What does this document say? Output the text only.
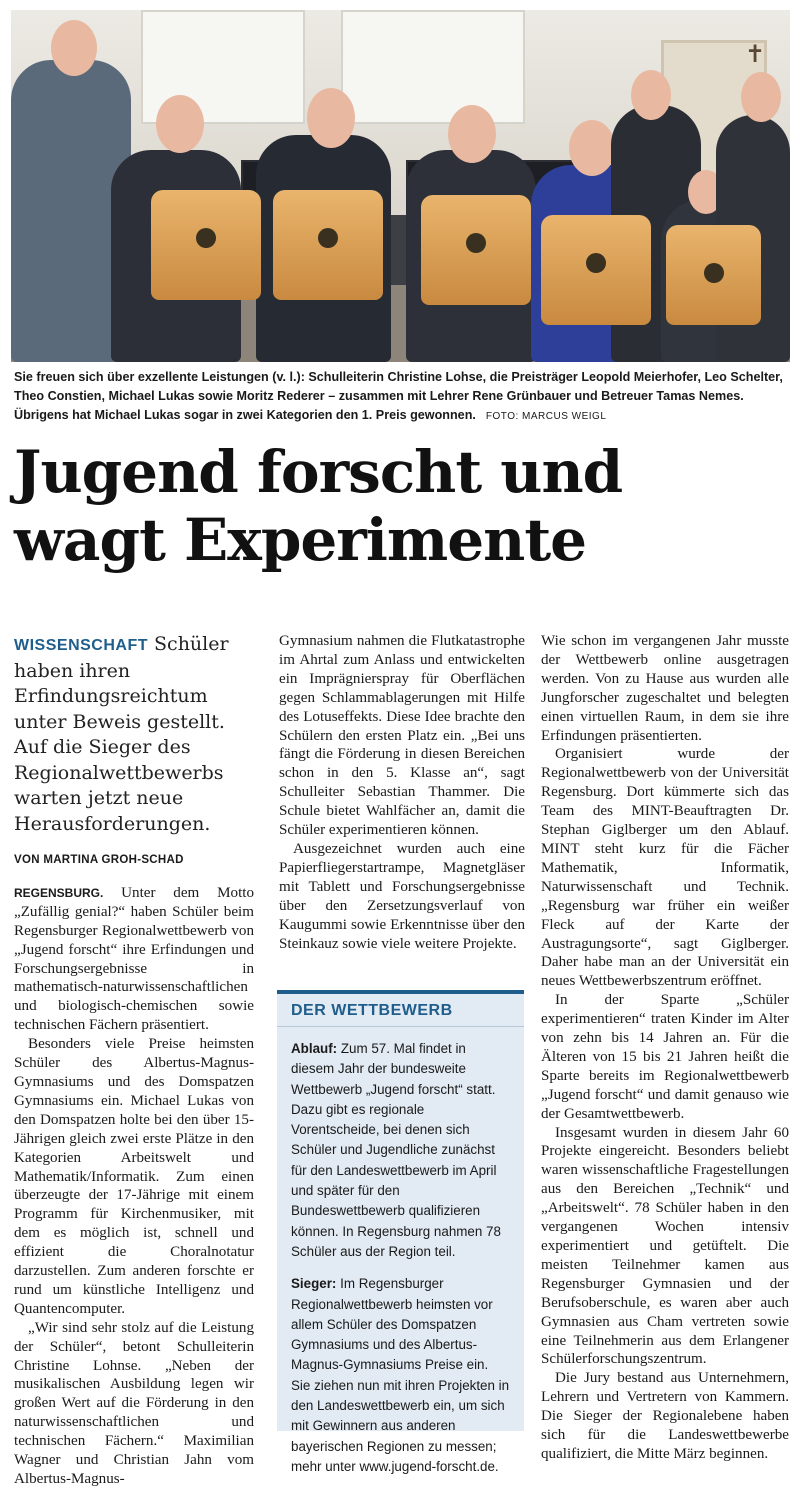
✝
Sie freuen sich über exzellente Leistungen (v. l.): Schulleiterin Christine Lohse, die Preisträger Leopold Meierhofer, Leo Schelter, Theo Constien, Michael Lukas sowie Moritz Rederer – zusammen mit Lehrer Rene Grünbauer und Betreuer Tamas Nemes. Übrigens hat Michael Lukas sogar in zwei Kategorien den 1. Preis gewonnen. FOTO: MARCUS WEIGL
Jugend forscht und
wagt Experimente
WISSENSCHAFT Schüler haben ihren Erfindungsreichtum unter Beweis gestellt. Auf die Sieger des Regionalwettbewerbs warten jetzt neue Herausforderungen.
VON MARTINA GROH-SCHAD

REGENSBURG. Unter dem Motto „Zufällig genial?“ haben Schüler beim Regensburger Regionalwettbewerb von „Jugend forscht“ ihre Erfindungen und Forschungsergebnisse in mathematisch-naturwissenschaftlichen und biologisch-chemischen sowie technischen Fächern präsentiert.

Besonders viele Preise heimsten Schüler des Albertus-Magnus-Gymnasiums und des Domspatzen Gymnasiums ein. Michael Lukas von den Domspatzen holte bei den über 15-Jährigen gleich zwei erste Plätze in den Kategorien Arbeitswelt und Mathematik/Informatik. Zum einen überzeugte der 17-Jährige mit einem Programm für Kirchenmusiker, mit dem es möglich ist, schnell und effizient die Choralnotatur darzustellen. Zum anderen forschte er rund um künstliche Intelligenz und Quantencomputer.

„Wir sind sehr stolz auf die Leistung der Schüler“, betont Schulleiterin Christine Lohnse. „Neben der musikalischen Ausbildung legen wir großen Wert auf die Förderung in den naturwissenschaftlichen und technischen Fächern.“ Maximilian Wagner und Christian Jahn vom Albertus-Magnus-

Gymnasium nahmen die Flutkatastrophe im Ahrtal zum Anlass und entwickelten ein Imprägnierspray für Oberflächen gegen Schlammablagerungen mit Hilfe des Lotuseffekts. Diese Idee brachte den Schülern den ersten Platz ein. „Bei uns fängt die Förderung in diesen Bereichen schon in den 5. Klasse an“, sagt Schulleiter Sebastian Thammer. Die Schule bietet Wahlfächer an, damit die Schüler experimentieren können.

Ausgezeichnet wurden auch eine Papierfliegerstartrampe, Magnetgläser mit Tablett und Forschungsergebnisse über den Zersetzungsverlauf von Kaugummi sowie Erkenntnisse über den Steinkauz sowie viele weitere Projekte.

DER WETTBEWERB

Ablauf: Zum 57. Mal findet in diesem Jahr der bundesweite Wettbewerb „Jugend forscht“ statt. Dazu gibt es regionale Vorentscheide, bei denen sich Schüler und Jugendliche zunächst für den Landeswettbewerb im April und später für den Bundeswettbewerb qualifizieren können. In Regensburg nahmen 78 Schüler aus der Region teil.

Sieger: Im Regensburger Regionalwettbewerb heimsten vor allem Schüler des Domspatzen Gymnasiums und des Albertus-Magnus-Gymnasiums Preise ein. Sie ziehen nun mit ihren Projekten in den Landeswettbewerb ein, um sich mit Gewinnern aus anderen bayerischen Regionen zu messen; mehr unter www.jugend-forscht.de.

Wie schon im vergangenen Jahr musste der Wettbewerb online ausgetragen werden. Von zu Hause aus wurden alle Jungforscher zugeschaltet und belegten einen virtuellen Raum, in dem sie ihre Erfindungen präsentierten.

Organisiert wurde der Regionalwettbewerb von der Universität Regensburg. Dort kümmerte sich das Team des MINT-Beauftragten Dr. Stephan Giglberger um den Ablauf. MINT steht kurz für die Fächer Mathematik, Informatik, Naturwissenschaft und Technik. „Regensburg war früher ein weißer Fleck auf der Karte der Austragungsorte“, sagt Giglberger. Daher habe man an der Universität ein neues Wettbewerbszentrum eröffnet.

In der Sparte „Schüler experimentieren“ traten Kinder im Alter von zehn bis 14 Jahren an. Für die Älteren von 15 bis 21 Jahren heißt die Sparte bereits im Regionalwettbewerb „Jugend forscht“ und damit genauso wie der Gesamtwettbewerb.

Insgesamt wurden in diesem Jahr 60 Projekte eingereicht. Besonders beliebt waren wissenschaftliche Fragestellungen aus den Bereichen „Technik“ und „Arbeitswelt“. 78 Schüler haben in den vergangenen Wochen intensiv experimentiert und getüftelt. Die meisten Teilnehmer kamen aus Regensburger Gymnasien und der Berufsoberschule, es waren aber auch Gymnasien aus Cham vertreten sowie eine Teilnehmerin aus dem Erlangener Schülerforschungszentrum.

Die Jury bestand aus Unternehmern, Lehrern und Vertretern von Kammern. Die Sieger der Regionalebene haben sich für die Landeswettbewerbe qualifiziert, die Mitte März beginnen.
